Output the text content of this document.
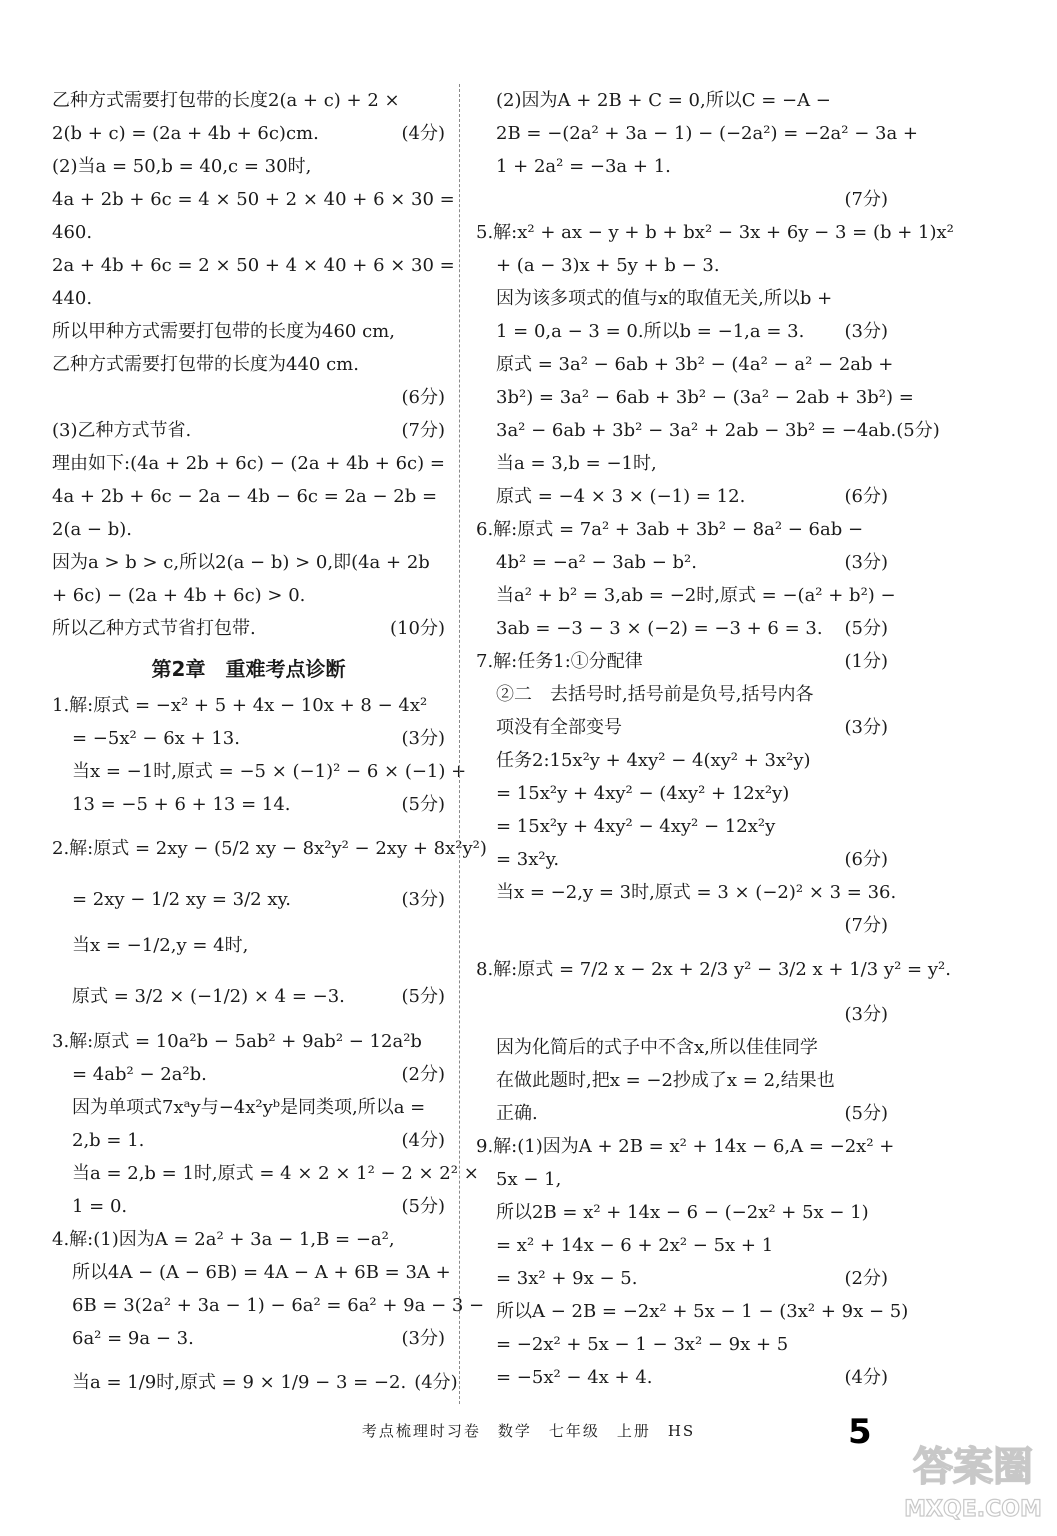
乙种方式需要打包带的长度2(a + c) + 2 ×
2(b + c) = (2a + 4b + 6c)cm.	(4分)
(2)当a = 50,b = 40,c = 30时,
4a + 2b + 6c = 4 × 50 + 2 × 40 + 6 × 30 =
460.
2a + 4b + 6c = 2 × 50 + 4 × 40 + 6 × 30 =
440.
所以甲种方式需要打包带的长度为460 cm,
乙种方式需要打包带的长度为440 cm.
(6分)
(3)乙种方式节省.	(7分)
理由如下:(4a + 2b + 6c) − (2a + 4b + 6c) =
4a + 2b + 6c − 2a − 4b − 6c = 2a − 2b =
2(a − b).
因为a > b > c,所以2(a − b) > 0,即(4a + 2b
+ 6c) − (2a + 4b + 6c) > 0.
所以乙种方式节省打包带.	(10分)
第2章　重难考点诊断
1.解:原式 = −x² + 5 + 4x − 10x + 8 − 4x²
= −5x² − 6x + 13.	(3分)
当x = −1时,原式 = −5 × (−1)² − 6 × (−1) +
13 = −5 + 6 + 13 = 14.	(5分)
2.解:原式 = 2xy − (5/2 xy − 8x²y² − 2xy + 8x²y²)
= 2xy − 1/2 xy = 3/2 xy.	(3分)
当x = −1/2,y = 4时,
原式 = 3/2 × (−1/2) × 4 = −3.	(5分)
3.解:原式 = 10a²b − 5ab² + 9ab² − 12a²b
= 4ab² − 2a²b.	(2分)
因为单项式7xᵃy与−4x²yᵇ是同类项,所以a =
2,b = 1.	(4分)
当a = 2,b = 1时,原式 = 4 × 2 × 1² − 2 × 2² ×
1 = 0.	(5分)
4.解:(1)因为A = 2a² + 3a − 1,B = −a²,
所以4A − (A − 6B) = 4A − A + 6B = 3A +
6B = 3(2a² + 3a − 1) − 6a² = 6a² + 9a − 3 −
6a² = 9a − 3.	(3分)
当a = 1/9时,原式 = 9 × 1/9 − 3 = −2. (4分)
(2)因为A + 2B + C = 0,所以C = −A −
2B = −(2a² + 3a − 1) − (−2a²) = −2a² − 3a +
1 + 2a² = −3a + 1.
(7分)
5.解:x² + ax − y + b + bx² − 3x + 6y − 3 = (b + 1)x²
+ (a − 3)x + 5y + b − 3.
因为该多项式的值与x的取值无关,所以b +
1 = 0,a − 3 = 0.所以b = −1,a = 3. (3分)
原式 = 3a² − 6ab + 3b² − (4a² − a² − 2ab +
3b²) = 3a² − 6ab + 3b² − (3a² − 2ab + 3b²) =
3a² − 6ab + 3b² − 3a² + 2ab − 3b² = −4ab.(5分)
当a = 3,b = −1时,
原式 = −4 × 3 × (−1) = 12.	(6分)
6.解:原式 = 7a² + 3ab + 3b² − 8a² − 6ab −
4b² = −a² − 3ab − b².	(3分)
当a² + b² = 3,ab = −2时,原式 = −(a² + b²) −
3ab = −3 − 3 × (−2) = −3 + 6 = 3. (5分)
7.解:任务1:①分配律	(1分)
②二　去括号时,括号前是负号,括号内各
项没有全部变号	(3分)
任务2:15x²y + 4xy² − 4(xy² + 3x²y)
= 15x²y + 4xy² − (4xy² + 12x²y)
= 15x²y + 4xy² − 4xy² − 12x²y
= 3x²y.	(6分)
当x = −2,y = 3时,原式 = 3 × (−2)² × 3 = 36.
(7分)
8.解:原式 = 7/2 x − 2x + 2/3 y² − 3/2 x + 1/3 y² = y².
(3分)
因为化简后的式子中不含x,所以佳佳同学
在做此题时,把x = −2抄成了x = 2,结果也
正确.	(5分)
9.解:(1)因为A + 2B = x² + 14x − 6,A = −2x² +
5x − 1,
所以2B = x² + 14x − 6 − (−2x² + 5x − 1)
= x² + 14x − 6 + 2x² − 5x + 1
= 3x² + 9x − 5.	(2分)
所以A − 2B = −2x² + 5x − 1 − (3x² + 9x − 5)
= −2x² + 5x − 1 − 3x² − 9x + 5
= −5x² − 4x + 4.	(4分)
考点梳理时习卷　数学　七年级　上册　HS	5
答案圈
MXQE.COM
